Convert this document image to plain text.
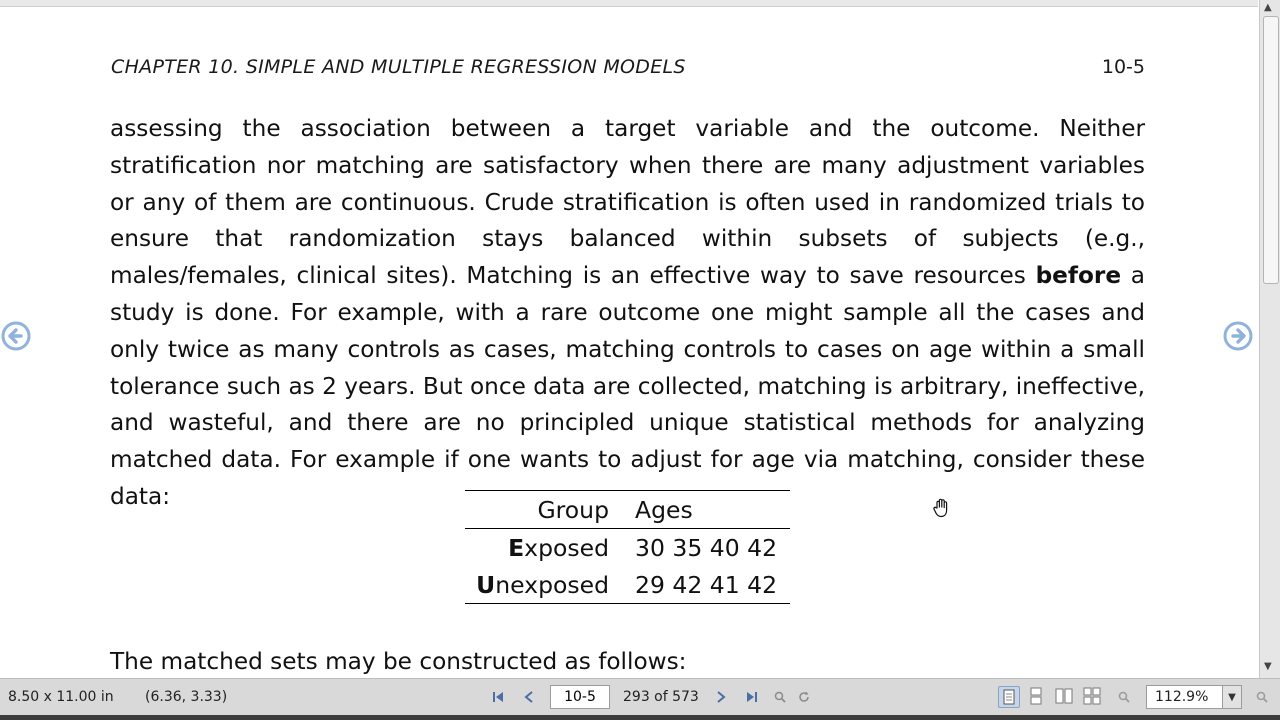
CHAPTER 10. SIMPLE AND MULTIPLE REGRESSION MODELS	10-5

assessing the association between a target variable and the outcome. Neither stratification nor matching are satisfactory when there are many adjustment variables or any of them are continuous. Crude stratification is often used in randomized trials to ensure that randomization stays balanced within subsets of subjects (e.g., males/females, clinical sites). Matching is an effective way to save resources before a study is done. For example, with a rare outcome one might sample all the cases and only twice as many controls as cases, matching controls to cases on age within a small tolerance such as 2 years. But once data are collected, matching is arbitrary, ineffective, and wasteful, and there are no principled unique statistical methods for analyzing matched data. For example if one wants to adjust for age via matching, consider these data:	Group	Ages
Exposed	30 35 40 42
Unexposed	29 42 41 42
The matched sets may be constructed as follows:
▲
▼
8.50 x 11.00 in (6.36, 3.33)
10-5	293 of 573	112.9%	▼
